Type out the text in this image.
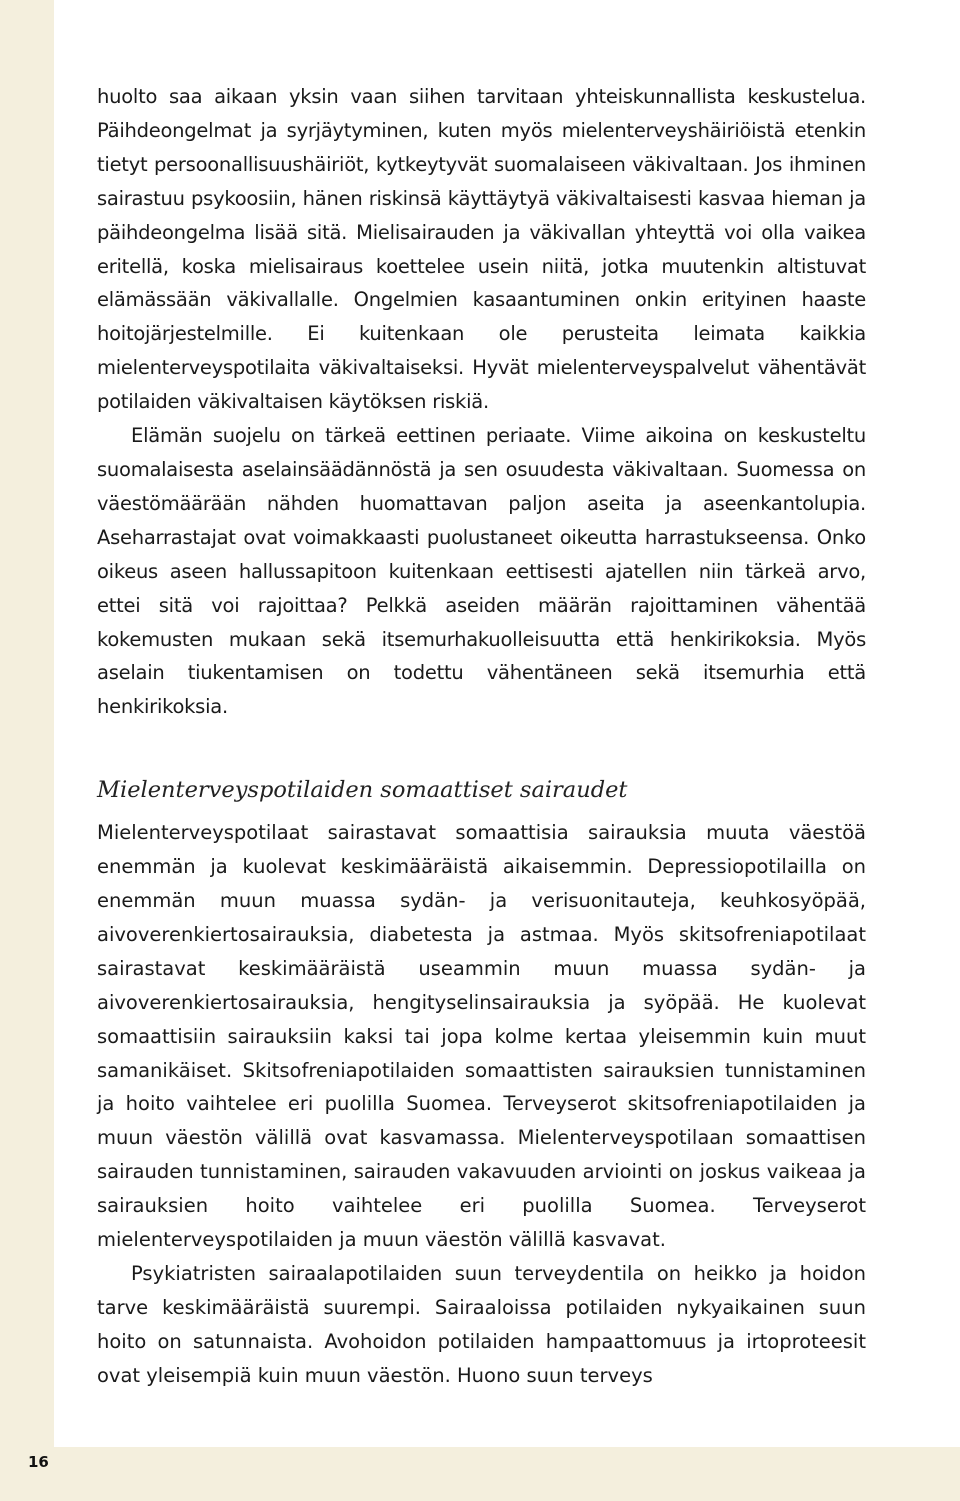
huolto saa aikaan yksin vaan siihen tarvitaan yhteiskunnallista keskustelua. Päihdeongelmat ja syrjäytyminen, kuten myös mielenterveyshäiriöistä etenkin tietyt persoonallisuushäiriöt, kytkeytyvät suomalaiseen väkivaltaan. Jos ihminen sairastuu psykoosiin, hänen riskinsä käyttäytyä väkivaltaisesti kasvaa hieman ja päihdeongelma lisää sitä. Mielisairauden ja väkivallan yhteyttä voi olla vaikea eritellä, koska mielisairaus koettelee usein niitä, jotka muutenkin altistuvat elämässään väkivallalle. Ongelmien kasaantuminen onkin erityinen haaste hoitojärjestelmille. Ei kuitenkaan ole perusteita leimata kaikkia mielenterveyspotilaita väkivaltaiseksi. Hyvät mielenterveyspalvelut vähentävät potilaiden väkivaltaisen käytöksen riskiä.

Elämän suojelu on tärkeä eettinen periaate. Viime aikoina on keskusteltu suomalaisesta aselainsäädännöstä ja sen osuudesta väkivaltaan. Suomessa on väestömäärään nähden huomattavan paljon aseita ja aseenkantolupia. Aseharrastajat ovat voimakkaasti puolustaneet oikeutta harrastukseensa. Onko oikeus aseen hallussapitoon kuitenkaan eettisesti ajatellen niin tärkeä arvo, ettei sitä voi rajoittaa? Pelkkä aseiden määrän rajoittaminen vähentää kokemusten mukaan sekä itsemurhakuolleisuutta että henkirikoksia. Myös aselain tiukentamisen on todettu vähentäneen sekä itsemurhia että henkirikoksia.

Mielenterveyspotilaiden somaattiset sairaudet

Mielenterveyspotilaat sairastavat somaattisia sairauksia muuta väestöä enemmän ja kuolevat keskimääräistä aikaisemmin. Depressiopotilailla on enemmän muun muassa sydän- ja verisuonitauteja, keuhkosyöpää, aivoverenkiertosairauksia, diabetesta ja astmaa. Myös skitsofreniapotilaat sairastavat keskimääräistä useammin muun muassa sydän- ja aivoverenkiertosairauksia, hengityselinsairauksia ja syöpää. He kuolevat somaattisiin sairauksiin kaksi tai jopa kolme kertaa yleisemmin kuin muut samanikäiset. Skitsofreniapotilaiden somaattisten sairauksien tunnistaminen ja hoito vaihtelee eri puolilla Suomea. Terveyserot skitsofreniapotilaiden ja muun väestön välillä ovat kasvamassa. Mielenterveyspotilaan somaattisen sairauden tunnistaminen, sairauden vakavuuden arviointi on joskus vaikeaa ja sairauksien hoito vaihtelee eri puolilla Suomea. Terveyserot mielenterveyspotilaiden ja muun väestön välillä kasvavat.

Psykiatristen sairaalapotilaiden suun terveydentila on heikko ja hoidon tarve keskimääräistä suurempi. Sairaaloissa potilaiden nykyaikainen suun hoito on satunnaista. Avohoidon potilaiden hampaattomuus ja irtoproteesit ovat yleisempiä kuin muun väestön. Huono suun terveys

16
